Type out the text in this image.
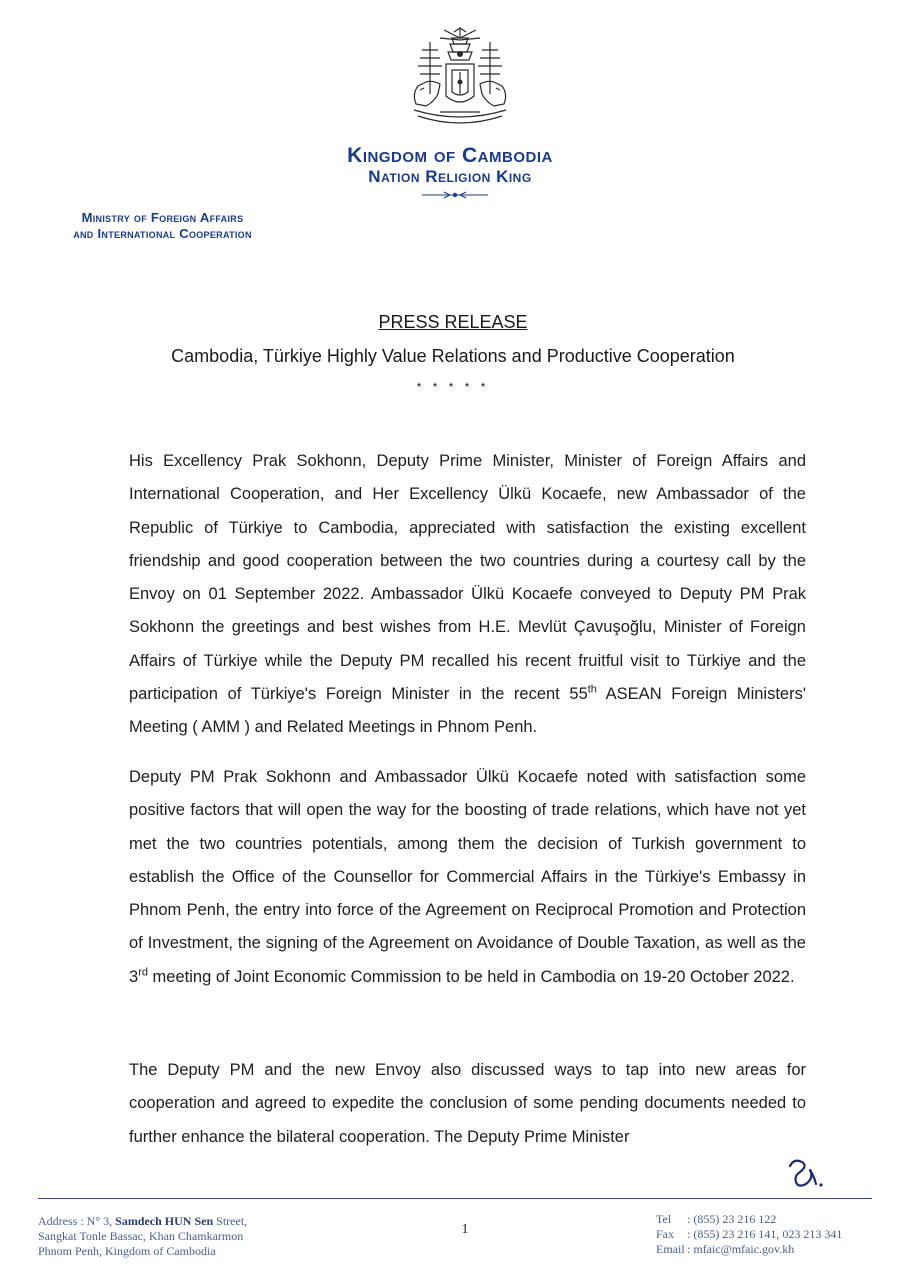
Kingdom of Cambodia
Nation Religion King
Ministry of Foreign Affairs
and International Cooperation
PRESS RELEASE
Cambodia, Türkiye Highly Value Relations and Productive Cooperation
* * * * *
His Excellency Prak Sokhonn, Deputy Prime Minister, Minister of Foreign Affairs and International Cooperation, and Her Excellency Ülkü Kocaefe, new Ambassador of the Republic of Türkiye to Cambodia, appreciated with satisfaction the existing excellent friendship and good cooperation between the two countries during a courtesy call by the Envoy on 01 September 2022. Ambassador Ülkü Kocaefe conveyed to Deputy PM Prak Sokhonn the greetings and best wishes from H.E. Mevlüt Çavuşoğlu, Minister of Foreign Affairs of Türkiye while the Deputy PM recalled his recent fruitful visit to Türkiye and the participation of Türkiye's Foreign Minister in the recent 55th ASEAN Foreign Ministers' Meeting ( AMM ) and Related Meetings in Phnom Penh.
Deputy PM Prak Sokhonn and Ambassador Ülkü Kocaefe noted with satisfaction some positive factors that will open the way for the boosting of trade relations, which have not yet met the two countries potentials, among them the decision of Turkish government to establish the Office of the Counsellor for Commercial Affairs in the Türkiye's Embassy in Phnom Penh, the entry into force of the Agreement on Reciprocal Promotion and Protection of Investment, the signing of the Agreement on Avoidance of Double Taxation, as well as the 3rd meeting of Joint Economic Commission to be held in Cambodia on 19-20 October 2022.
The Deputy PM and the new Envoy also discussed ways to tap into new areas for cooperation and agreed to expedite the conclusion of some pending documents needed to further enhance the bilateral cooperation. The Deputy Prime Minister
Address : N° 3, Samdech HUN Sen Street,
Sangkat Tonle Bassac, Khan Chamkarmon
Phnom Penh, Kingdom of Cambodia
1
Tel : (855) 23 216 122
Fax : (855) 23 216 141, 023 213 341
Email : mfaic@mfaic.gov.kh
